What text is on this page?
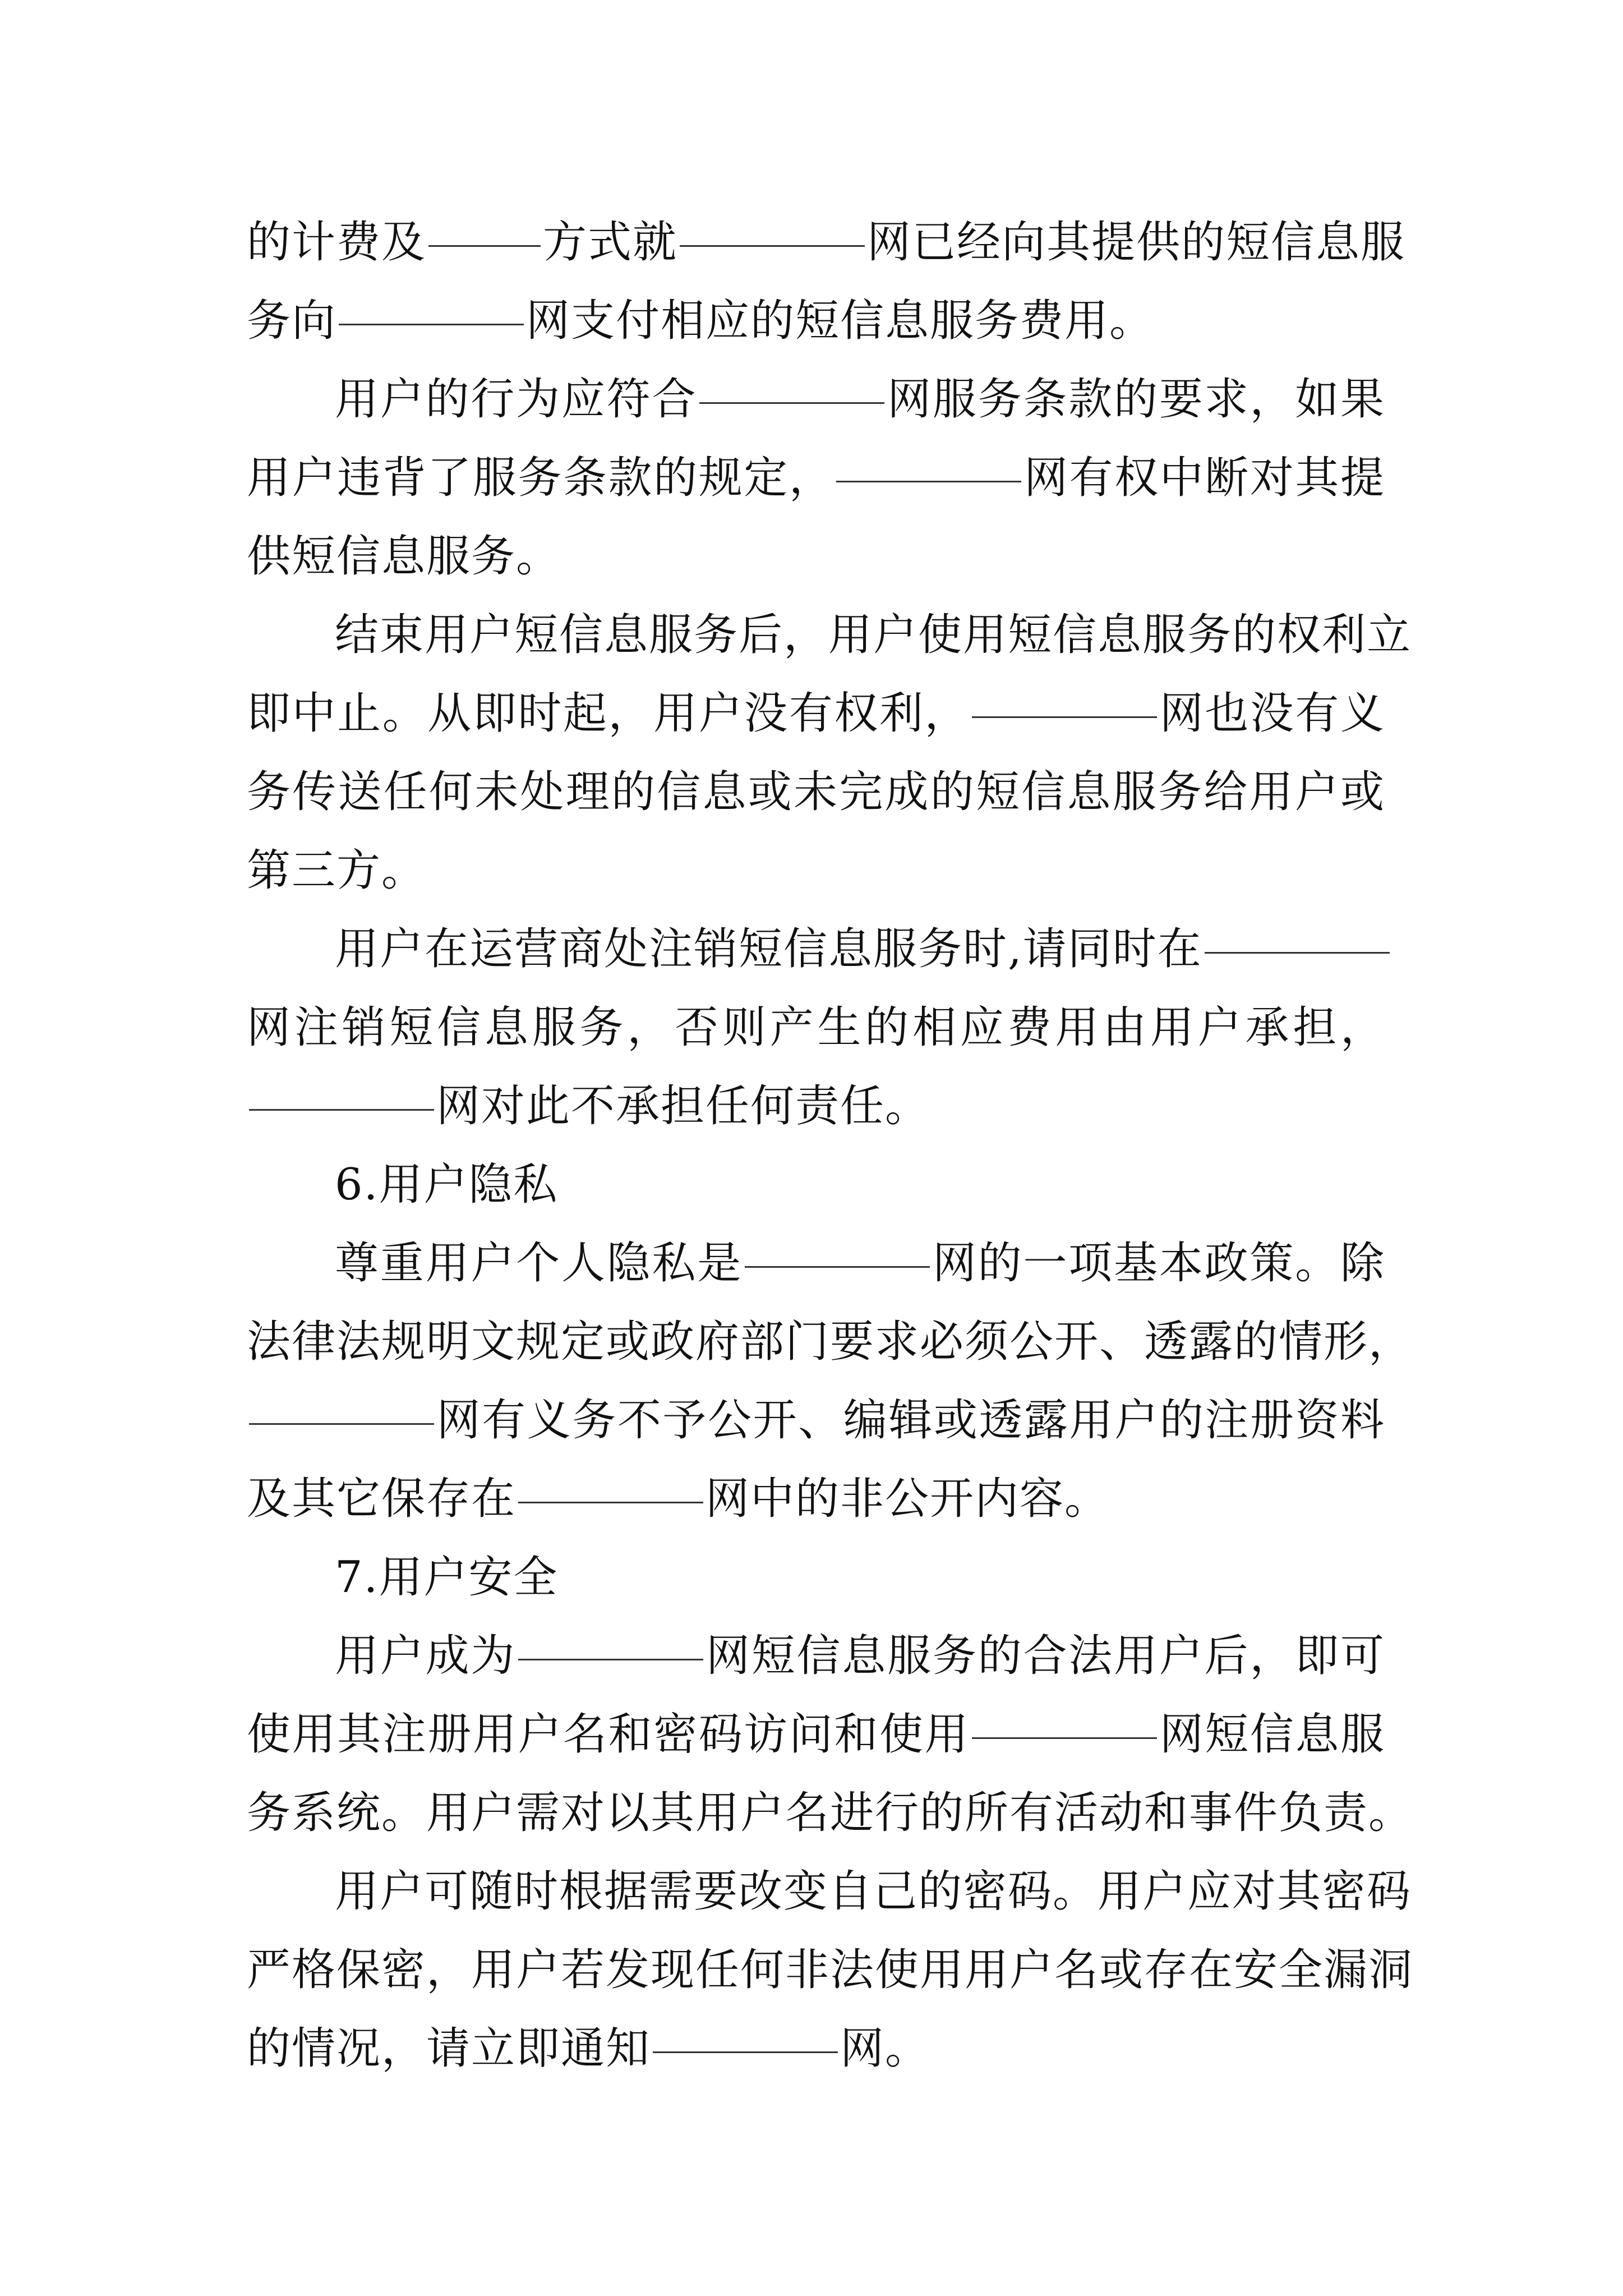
的计费及	方式就	网已经向其提供的短信息服
务向	网支付相应的短信息服务费用。
用户的行为应符合	网服务条款的要求，如果
用户违背了服务条款的规定，	网有权中断对其提
供短信息服务。
结束用户短信息服务后，用户使用短信息服务的权利立
即中止。从即时起，用户没有权利，	网也没有义
务传送任何未处理的信息或未完成的短信息服务给用户或
第三方。
用户在运营商处注销短信息服务时,请同时在
网注销短信息服务，否则产生的相应费用由用户承担，
网对此不承担任何责任。
6.用户隐私
尊重用户个人隐私是	网的一项基本政策。除
法律法规明文规定或政府部门要求必须公开、透露的情形，
网有义务不予公开、编辑或透露用户的注册资料
及其它保存在	网中的非公开内容。
7.用户安全
用户成为	网短信息服务的合法用户后，即可
使用其注册用户名和密码访问和使用	网短信息服
务系统。用户需对以其用户名进行的所有活动和事件负责。
用户可随时根据需要改变自己的密码。用户应对其密码
严格保密，用户若发现任何非法使用用户名或存在安全漏洞
的情况，请立即通知	网。
